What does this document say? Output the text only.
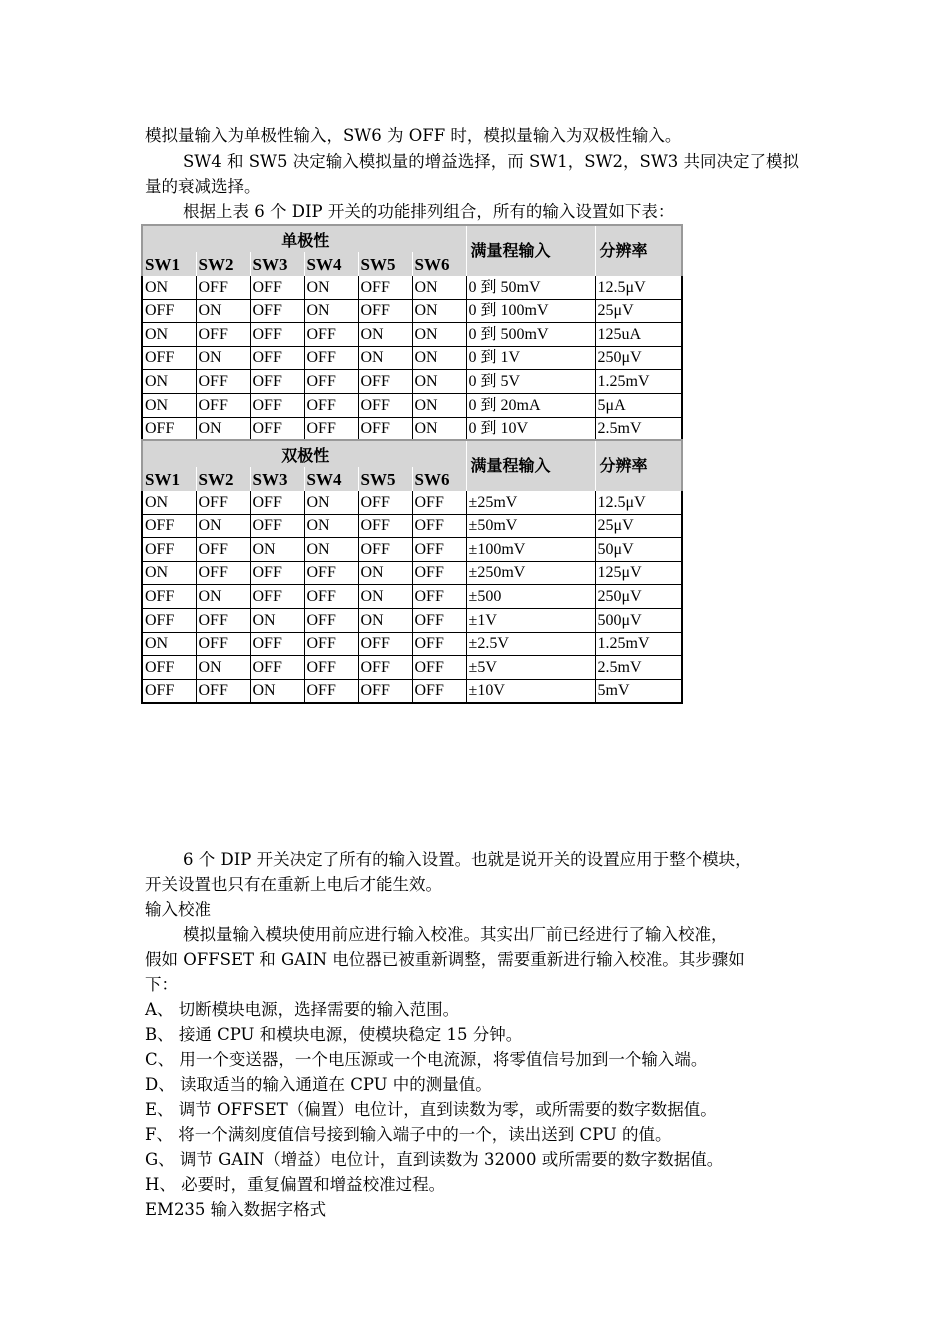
模拟量输入为单极性输入，SW6 为 OFF 时，模拟量输入为双极性输入。
SW4 和 SW5 决定输入模拟量的增益选择，而 SW1，SW2，SW3 共同决定了模拟
量的衰减选择。
根据上表 6 个 DIP 开关的功能排列组合，所有的输入设置如下表：
单极性						满量程输入	分辨率
SW1	SW2	SW3	SW4	SW5	SW6		
ON	OFF	OFF	ON	OFF	ON	0 到 50mV	12.5μV
OFF	ON	OFF	ON	OFF	ON	0 到 100mV	25μV
ON	OFF	OFF	OFF	ON	ON	0 到 500mV	125uA
OFF	ON	OFF	OFF	ON	ON	0 到 1V	250μV
ON	OFF	OFF	OFF	OFF	ON	0 到 5V	1.25mV
ON	OFF	OFF	OFF	OFF	ON	0 到 20mA	5μA
OFF	ON	OFF	OFF	OFF	ON	0 到 10V	2.5mV
双极性						满量程输入	分辨率
SW1	SW2	SW3	SW4	SW5	SW6		
ON	OFF	OFF	ON	OFF	OFF	±25mV	12.5μV
OFF	ON	OFF	ON	OFF	OFF	±50mV	25μV
OFF	OFF	ON	ON	OFF	OFF	±100mV	50μV
ON	OFF	OFF	OFF	ON	OFF	±250mV	125μV
OFF	ON	OFF	OFF	ON	OFF	±500	250μV
OFF	OFF	ON	OFF	ON	OFF	±1V	500μV
ON	OFF	OFF	OFF	OFF	OFF	±2.5V	1.25mV
OFF	ON	OFF	OFF	OFF	OFF	±5V	2.5mV
OFF	OFF	ON	OFF	OFF	OFF	±10V	5mV
6 个 DIP 开关决定了所有的输入设置。也就是说开关的设置应用于整个模块，
开关设置也只有在重新上电后才能生效。
输入校准
模拟量输入模块使用前应进行输入校准。其实出厂前已经进行了输入校准，
假如 OFFSET 和 GAIN 电位器已被重新调整，需要重新进行输入校准。其步骤如
下：
A、 切断模块电源，选择需要的输入范围。
B、 接通 CPU 和模块电源，使模块稳定 15 分钟。
C、 用一个变送器，一个电压源或一个电流源，将零值信号加到一个输入端。
D、 读取适当的输入通道在 CPU 中的测量值。
E、 调节 OFFSET（偏置）电位计，直到读数为零，或所需要的数字数据值。
F、 将一个满刻度值信号接到输入端子中的一个，读出送到 CPU 的值。
G、 调节 GAIN（增益）电位计，直到读数为 32000 或所需要的数字数据值。
H、 必要时，重复偏置和增益校准过程。
EM235 输入数据字格式
